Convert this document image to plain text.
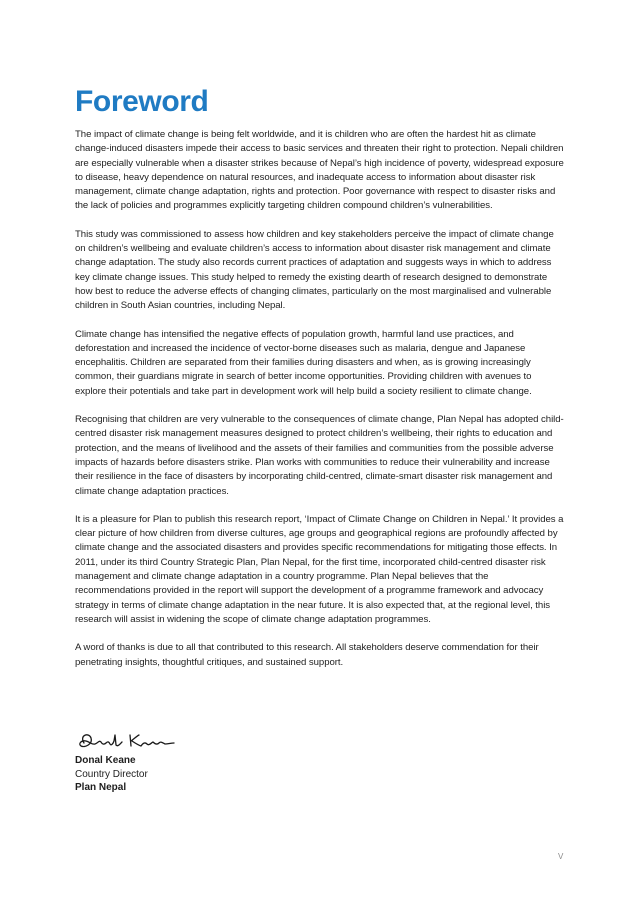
Foreword

The impact of climate change is being felt worldwide, and it is children who are often the hardest hit as climate change-induced disasters impede their access to basic services and threaten their right to protection. Nepali children are especially vulnerable when a disaster strikes because of Nepal’s high incidence of poverty, widespread exposure to disease, heavy dependence on natural resources, and inadequate access to information about disaster risk management, climate change adaptation, rights and protection. Poor governance with respect to disaster risks and the lack of policies and programmes explicitly targeting children compound children’s vulnerabilities.

This study was commissioned to assess how children and key stakeholders perceive the impact of climate change on children’s wellbeing and evaluate children’s access to information about disaster risk management and climate change adaptation. The study also records current practices of adaptation and suggests ways in which to address key climate change issues. This study helped to remedy the existing dearth of research designed to demonstrate how best to reduce the adverse effects of changing climates, particularly on the most marginalised and vulnerable children in South Asian countries, including Nepal.

Climate change has intensified the negative effects of population growth, harmful land use practices, and deforestation and increased the incidence of vector-borne diseases such as malaria, dengue and Japanese encephalitis. Children are separated from their families during disasters and when, as is growing increasingly common, their guardians migrate in search of better income opportunities. Providing children with avenues to explore their potentials and take part in development work will help build a society resilient to climate change.

Recognising that children are very vulnerable to the consequences of climate change, Plan Nepal has adopted child-centred disaster risk management measures designed to protect children’s wellbeing, their rights to education and protection, and the means of livelihood and the assets of their families and communities from the possible adverse impacts of hazards before disasters strike. Plan works with communities to reduce their vulnerability and increase their resilience in the face of disasters by incorporating child-centred, climate-smart disaster risk management and climate change adaptation practices.

It is a pleasure for Plan to publish this research report, ‘Impact of Climate Change on Children in Nepal.’ It provides a clear picture of how children from diverse cultures, age groups and geographical regions are profoundly affected by climate change and the associated disasters and provides specific recommendations for mitigating those effects. In 2011, under its third Country Strategic Plan, Plan Nepal, for the first time, incorporated child-centred disaster risk management and climate change adaptation in a country programme. Plan Nepal believes that the recommendations provided in the report will support the development of a programme framework and advocacy strategy in terms of climate change adaptation in the near future. It is also expected that, at the regional level, this research will assist in widening the scope of climate change adaptation programmes.

A word of thanks is due to all that contributed to this research. All stakeholders deserve commendation for their penetrating insights, thoughtful critiques, and sustained support.

Donal Keane
Country Director
Plan Nepal
V
